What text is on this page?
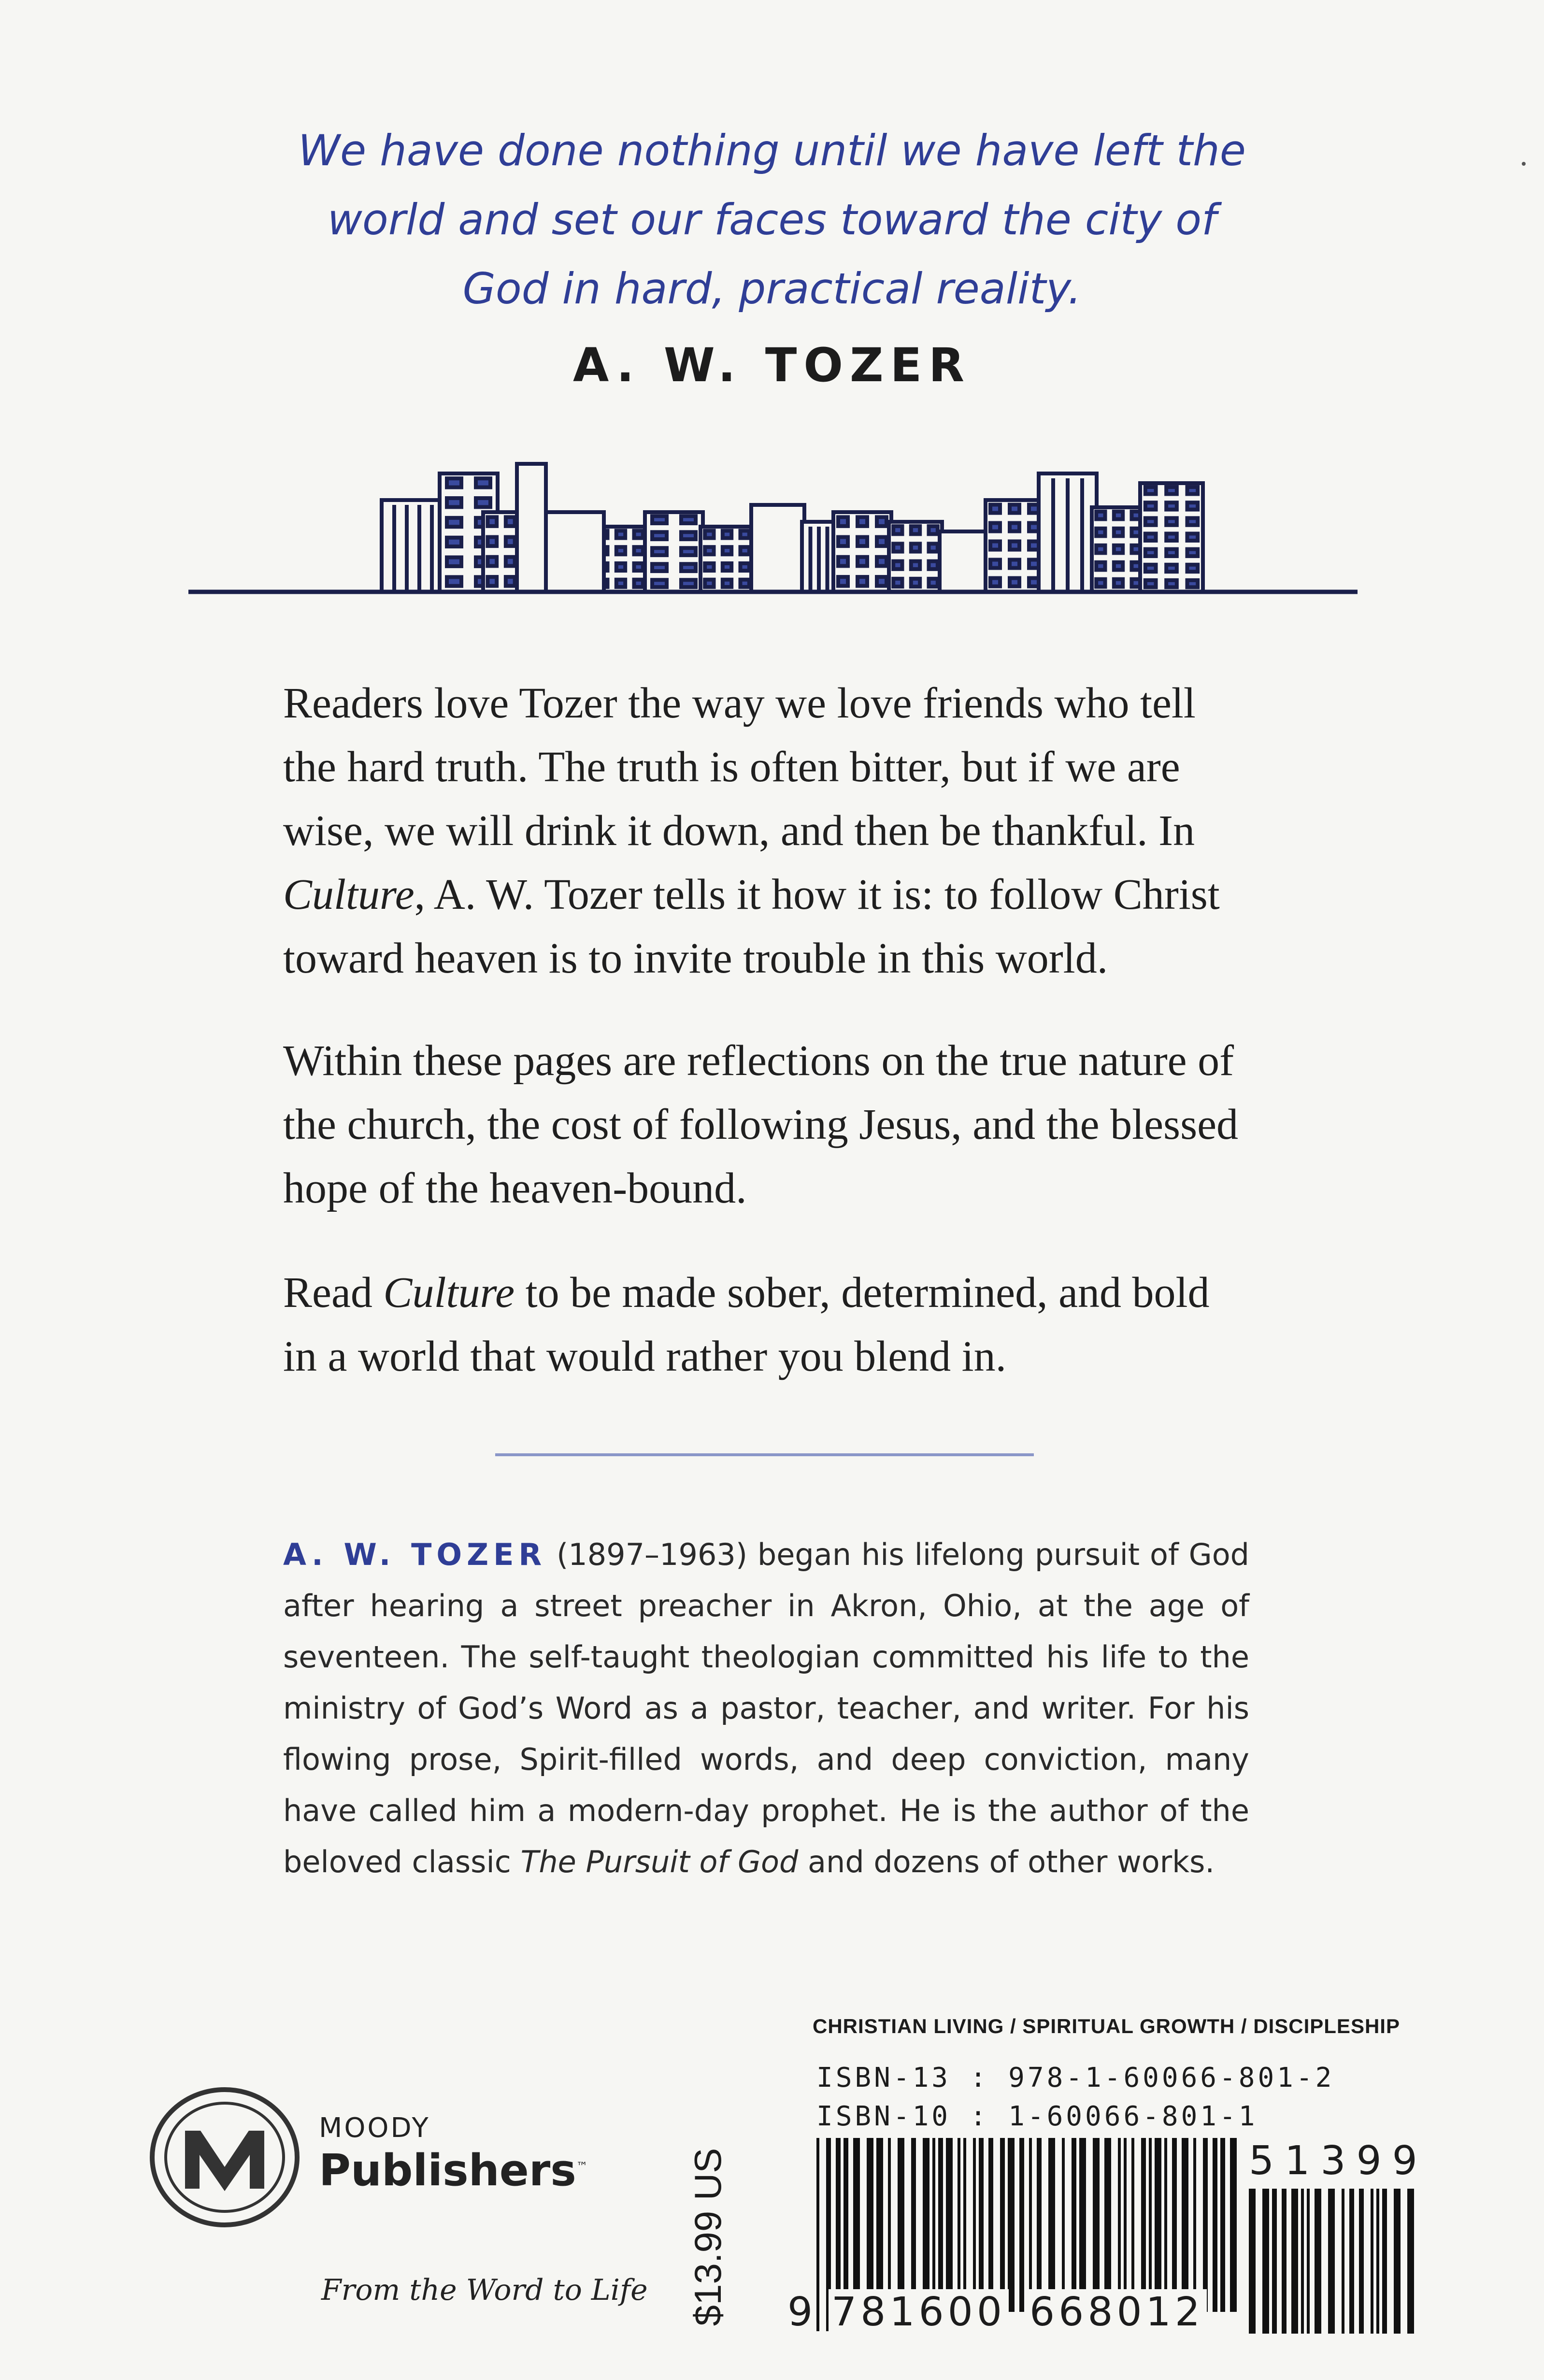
We have done nothing until we have left the
world and set our faces toward the city of
God in hard, practical reality.

A. W. TOZER

Readers love Tozer the way we love friends who tell the hard truth. The truth is often bitter, but if we are wise, we will drink it down, and then be thankful. In Culture, A. W. Tozer tells it how it is: to follow Christ toward heaven is to invite trouble in this world.

Within these pages are reflections on the true nature of the church, the cost of following Jesus, and the blessed hope of the heaven-bound.

Read Culture to be made sober, determined, and bold in a world that would rather you blend in.

A. W. TOZER (1897–1963) began his lifelong pursuit of God after hearing a street preacher in Akron, Ohio, at the age of seventeen. The self-taught theologian committed his life to the ministry of God’s Word as a pastor, teacher, and writer. For his flowing prose, Spirit-filled words, and deep conviction, many have called him a modern-day prophet. He is the author of the beloved classic The Pursuit of God and dozens of other works.

CHRISTIAN LIVING / SPIRITUAL GROWTH / DISCIPLESHIP
ISBN-13 : 978-1-60066-801-2
ISBN-10 : 1-60066-801-1
$13.99 US	51399
9 781600 668012
MOODY
Publishers™
From the Word to Life
